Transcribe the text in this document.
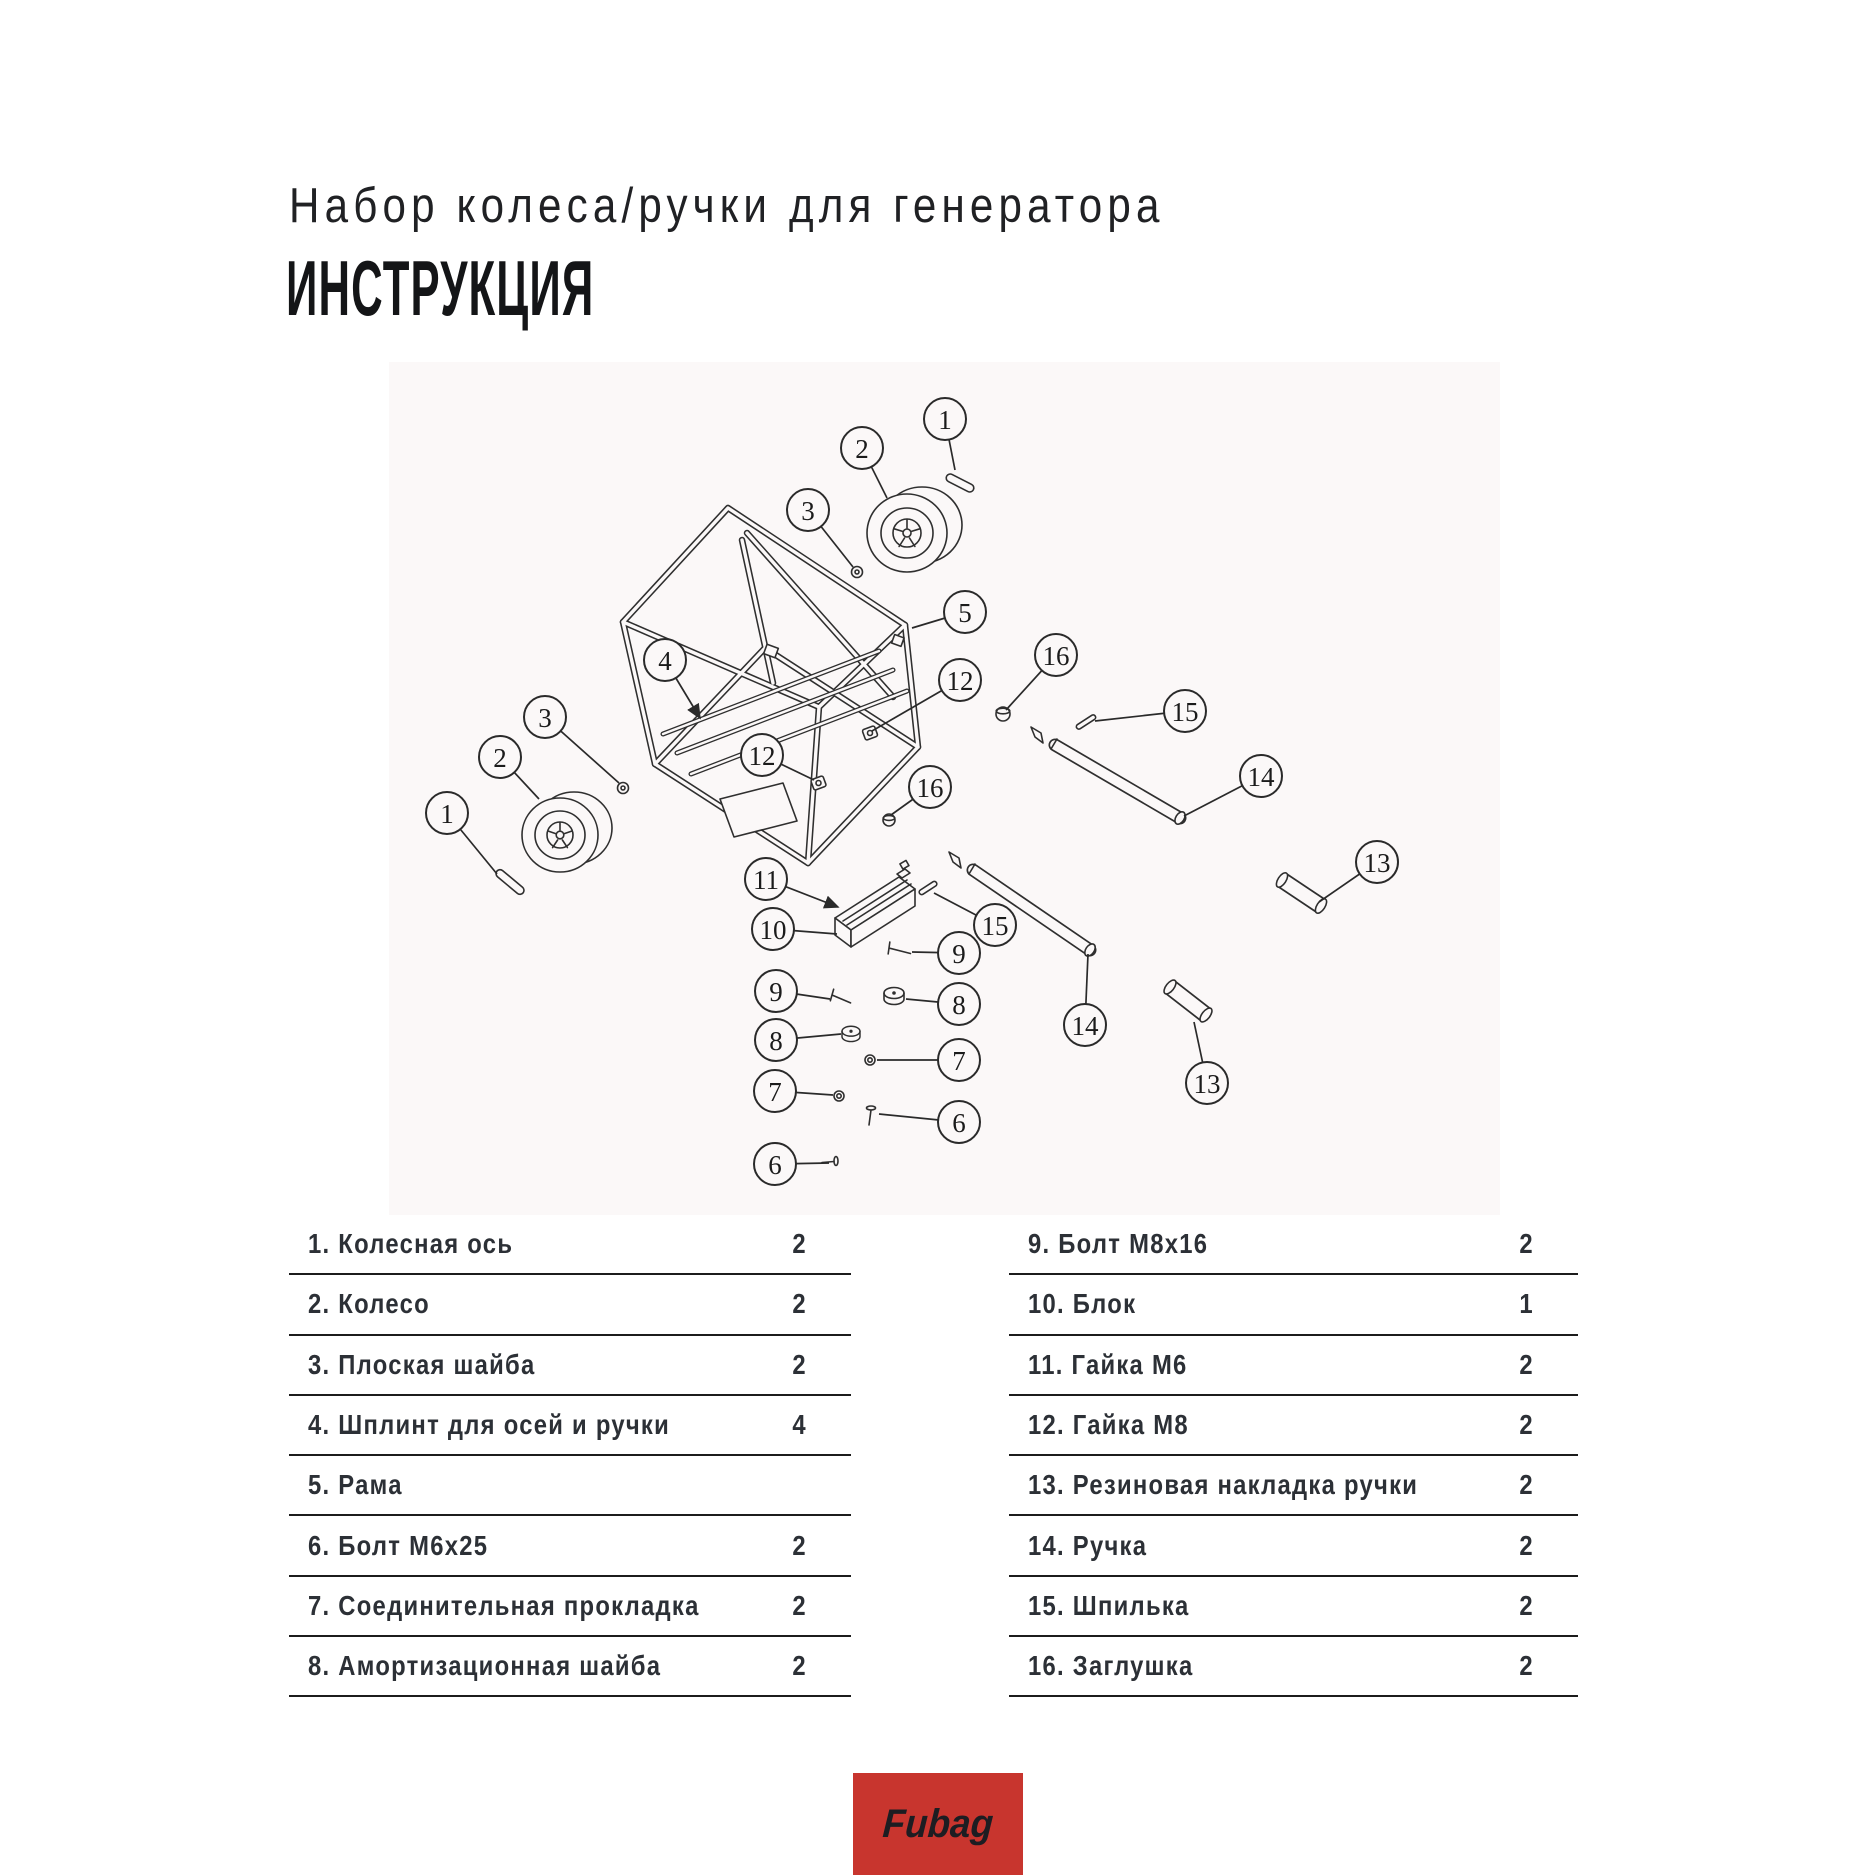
Набор колеса/ручки для генератора
ИНСТРУКЦИЯ
1
2
3
4
5
12
16
15
14
13
3
2
1
12
16
11
10	15
9
9	8
8
7
7
6
6
14
13
1. Колесная ось	2
2. Колесо	2
3. Плоская шайба	2
4. Шплинт для осей и ручки	4
5. Рама
6. Болт М6х25	2
7. Соединительная прокладка	2
8. Амортизационная шайба	2
9. Болт М8х16	2
10. Блок	1
11. Гайка М6	2
12. Гайка М8	2
13. Резиновая накладка ручки	2
14. Ручка	2
15. Шпилька	2
16. Заглушка	2
Fubag
